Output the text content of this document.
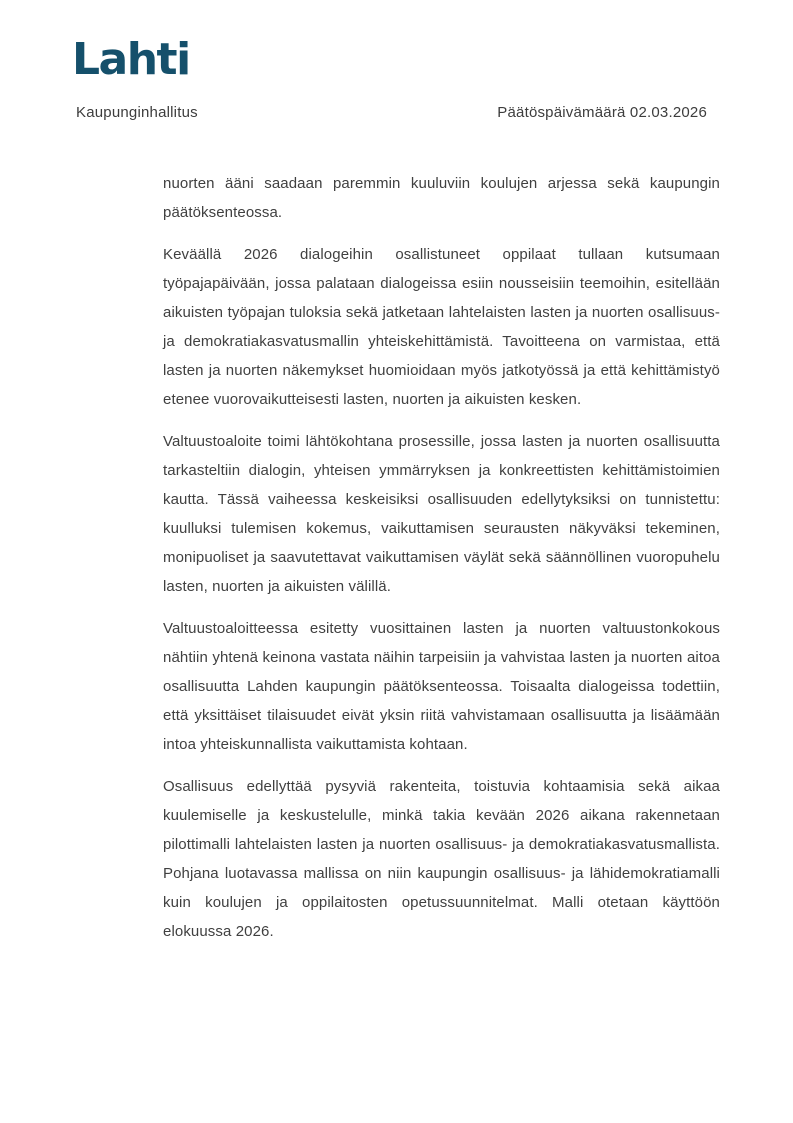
Lahti
Kaupunginhallitus	Päätöspäivämäärä 02.03.2026

nuorten ääni saadaan paremmin kuuluviin koulujen arjessa sekä kaupungin päätöksenteossa.

Keväällä 2026 dialogeihin osallistuneet oppilaat tullaan kutsumaan työpajapäivään, jossa palataan dialogeissa esiin nousseisiin teemoihin, esitellään aikuisten työpajan tuloksia sekä jatketaan lahtelaisten lasten ja nuorten osallisuus- ja demokratiakasvatusmallin yhteiskehittämistä. Tavoitteena on varmistaa, että lasten ja nuorten näkemykset huomioidaan myös jatkotyössä ja että kehittämistyö etenee vuorovaikutteisesti lasten, nuorten ja aikuisten kesken.

Valtuustoaloite toimi lähtökohtana prosessille, jossa lasten ja nuorten osallisuutta tarkasteltiin dialogin, yhteisen ymmärryksen ja konkreettisten kehittämistoimien kautta. Tässä vaiheessa keskeisiksi osallisuuden edellytyksiksi on tunnistettu: kuulluksi tulemisen kokemus, vaikuttamisen seurausten näkyväksi tekeminen, monipuoliset ja saavutettavat vaikuttamisen väylät sekä säännöllinen vuoropuhelu lasten, nuorten ja aikuisten välillä.

Valtuustoaloitteessa esitetty vuosittainen lasten ja nuorten valtuustonkokous nähtiin yhtenä keinona vastata näihin tarpeisiin ja vahvistaa lasten ja nuorten aitoa osallisuutta Lahden kaupungin päätöksenteossa. Toisaalta dialogeissa todettiin, että yksittäiset tilaisuudet eivät yksin riitä vahvistamaan osallisuutta ja lisäämään intoa yhteiskunnallista vaikuttamista kohtaan.

Osallisuus edellyttää pysyviä rakenteita, toistuvia kohtaamisia sekä aikaa kuulemiselle ja keskustelulle, minkä takia kevään 2026 aikana rakennetaan pilottimalli lahtelaisten lasten ja nuorten osallisuus- ja demokratiakasvatusmallista. Pohjana luotavassa mallissa on niin kaupungin osallisuus- ja lähidemokratiamalli kuin koulujen ja oppilaitosten opetussuunnitelmat. Malli otetaan käyttöön elokuussa 2026.
